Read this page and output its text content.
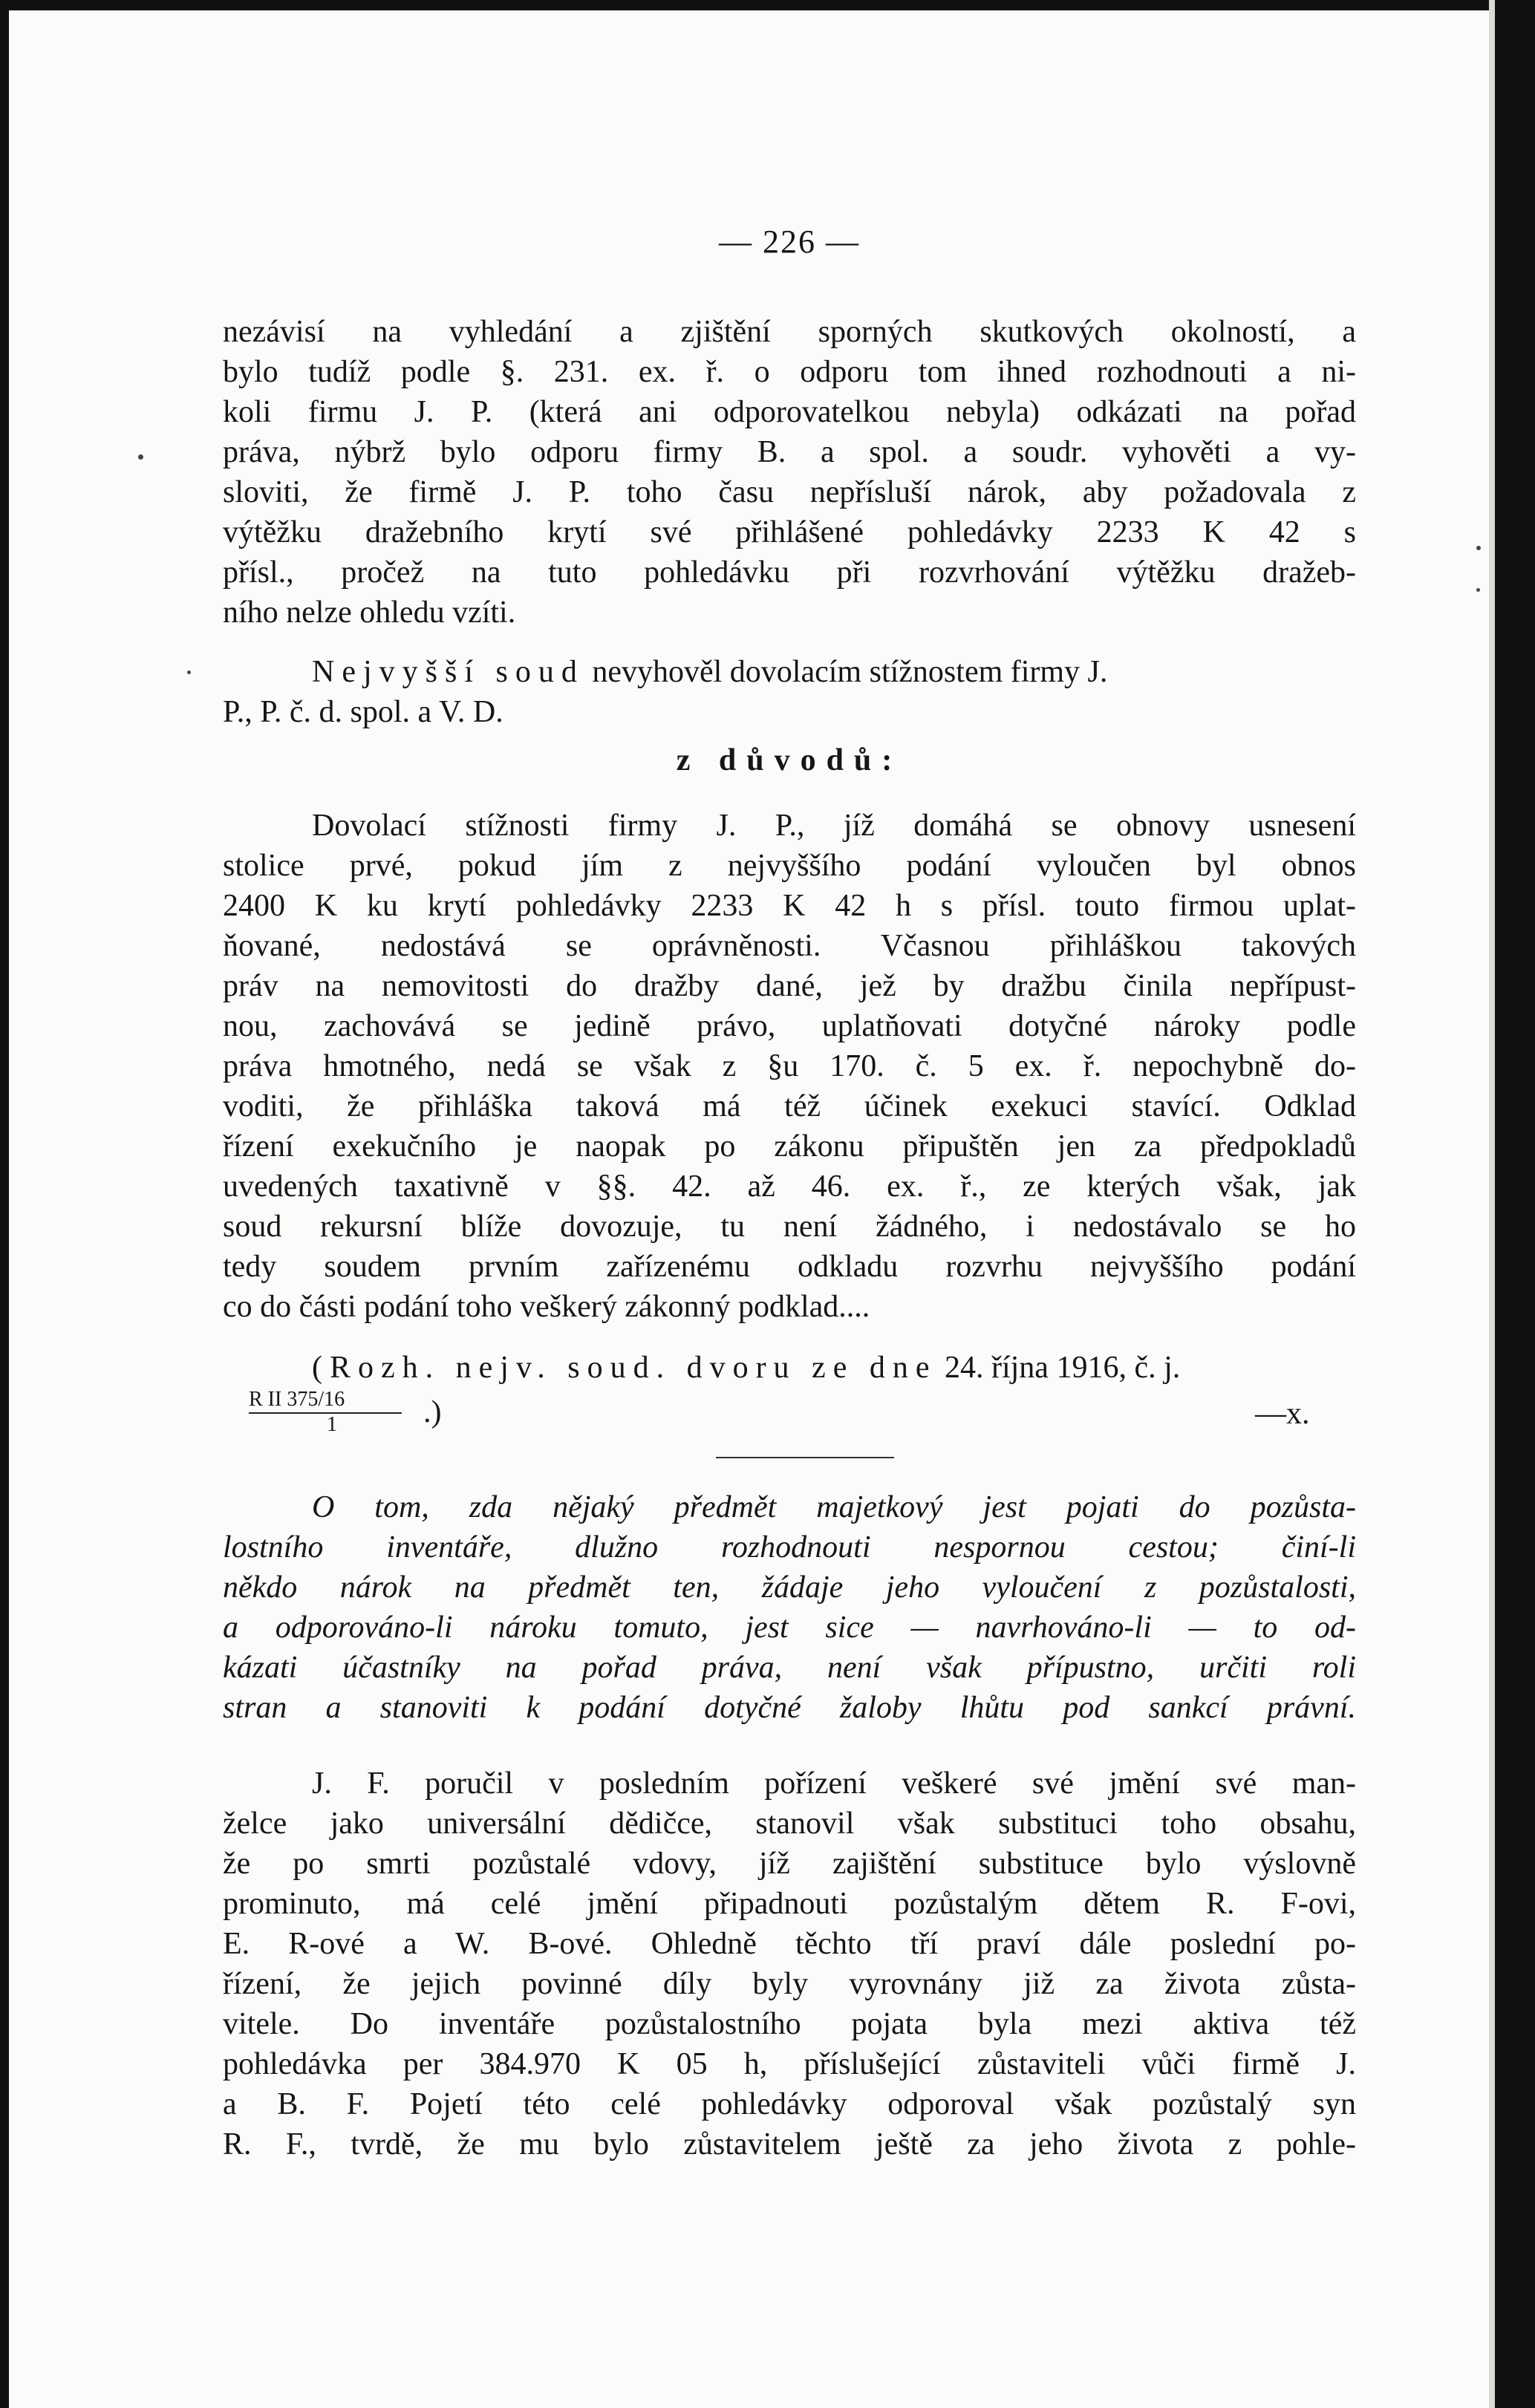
— 226 —
nezávisí na vyhledání a zjištění sporných skutkových okolností, a
bylo tudíž podle §. 231. ex. ř. o odporu tom ihned rozhodnouti a ni-
koli firmu J. P. (která ani odporovatelkou nebyla) odkázati na pořad
práva, nýbrž bylo odporu firmy B. a spol. a soudr. vyhověti a vy-
sloviti, že firmě J. P. toho času nepřísluší nárok, aby požadovala z
výtěžku dražebního krytí své přihlášené pohledávky 2233 K 42 s
přísl., pročež na tuto pohledávku při rozvrhování výtěžku dražeb-
ního nelze ohledu vzíti.
Nejvyšší soud nevyhověl dovolacím stížnostem firmy J.
P., P. č. d. spol. a V. D.
z důvodů:
Dovolací stížnosti firmy J. P., jíž domáhá se obnovy usnesení
stolice prvé, pokud jím z nejvyššího podání vyloučen byl obnos
2400 K ku krytí pohledávky 2233 K 42 h s přísl. touto firmou uplat-
ňované, nedostává se oprávněnosti. Včasnou přihláškou takových
práv na nemovitosti do dražby dané, jež by dražbu činila nepřípust-
nou, zachovává se jedině právo, uplatňovati dotyčné nároky podle
práva hmotného, nedá se však z §u 170. č. 5 ex. ř. nepochybně do-
voditi, že přihláška taková má též účinek exekuci stavící. Odklad
řízení exekučního je naopak po zákonu připuštěn jen za předpokladů
uvedených taxativně v §§. 42. až 46. ex. ř., ze kterých však, jak
soud rekursní blíže dovozuje, tu není žádného, i nedostávalo se ho
tedy soudem prvním zařízenému odkladu rozvrhu nejvyššího podání
co do části podání toho veškerý zákonný podklad....
(Rozh. nejv. soud. dvoru ze dne 24. října 1916, č. j.
$\frac{\text{R II 375/16}}{1}$ .)	—x.
O tom, zda nějaký předmět majetkový jest pojati do pozůsta-
lostního inventáře, dlužno rozhodnouti nespornou cestou; činí-li
někdo nárok na předmět ten, žádaje jeho vyloučení z pozůstalosti,
a odporováno-li nároku tomuto, jest sice — navrhováno-li — to od-
kázati účastníky na pořad práva, není však přípustno, určiti roli
stran a stanoviti k podání dotyčné žaloby lhůtu pod sankcí právní.
J. F. poručil v posledním pořízení veškeré své jmění své man-
želce jako universální dědičce, stanovil však substituci toho obsahu,
že po smrti pozůstalé vdovy, jíž zajištění substituce bylo výslovně
prominuto, má celé jmění připadnouti pozůstalým dětem R. F-ovi,
E. R-ové a W. B-ové. Ohledně těchto tří praví dále poslední po-
řízení, že jejich povinné díly byly vyrovnány již za života zůsta-
vitele. Do inventáře pozůstalostního pojata byla mezi aktiva též
pohledávka per 384.970 K 05 h, příslušející zůstaviteli vůči firmě J.
a B. F. Pojetí této celé pohledávky odporoval však pozůstalý syn
R. F., tvrdě, že mu bylo zůstavitelem ještě za jeho života z pohle-
